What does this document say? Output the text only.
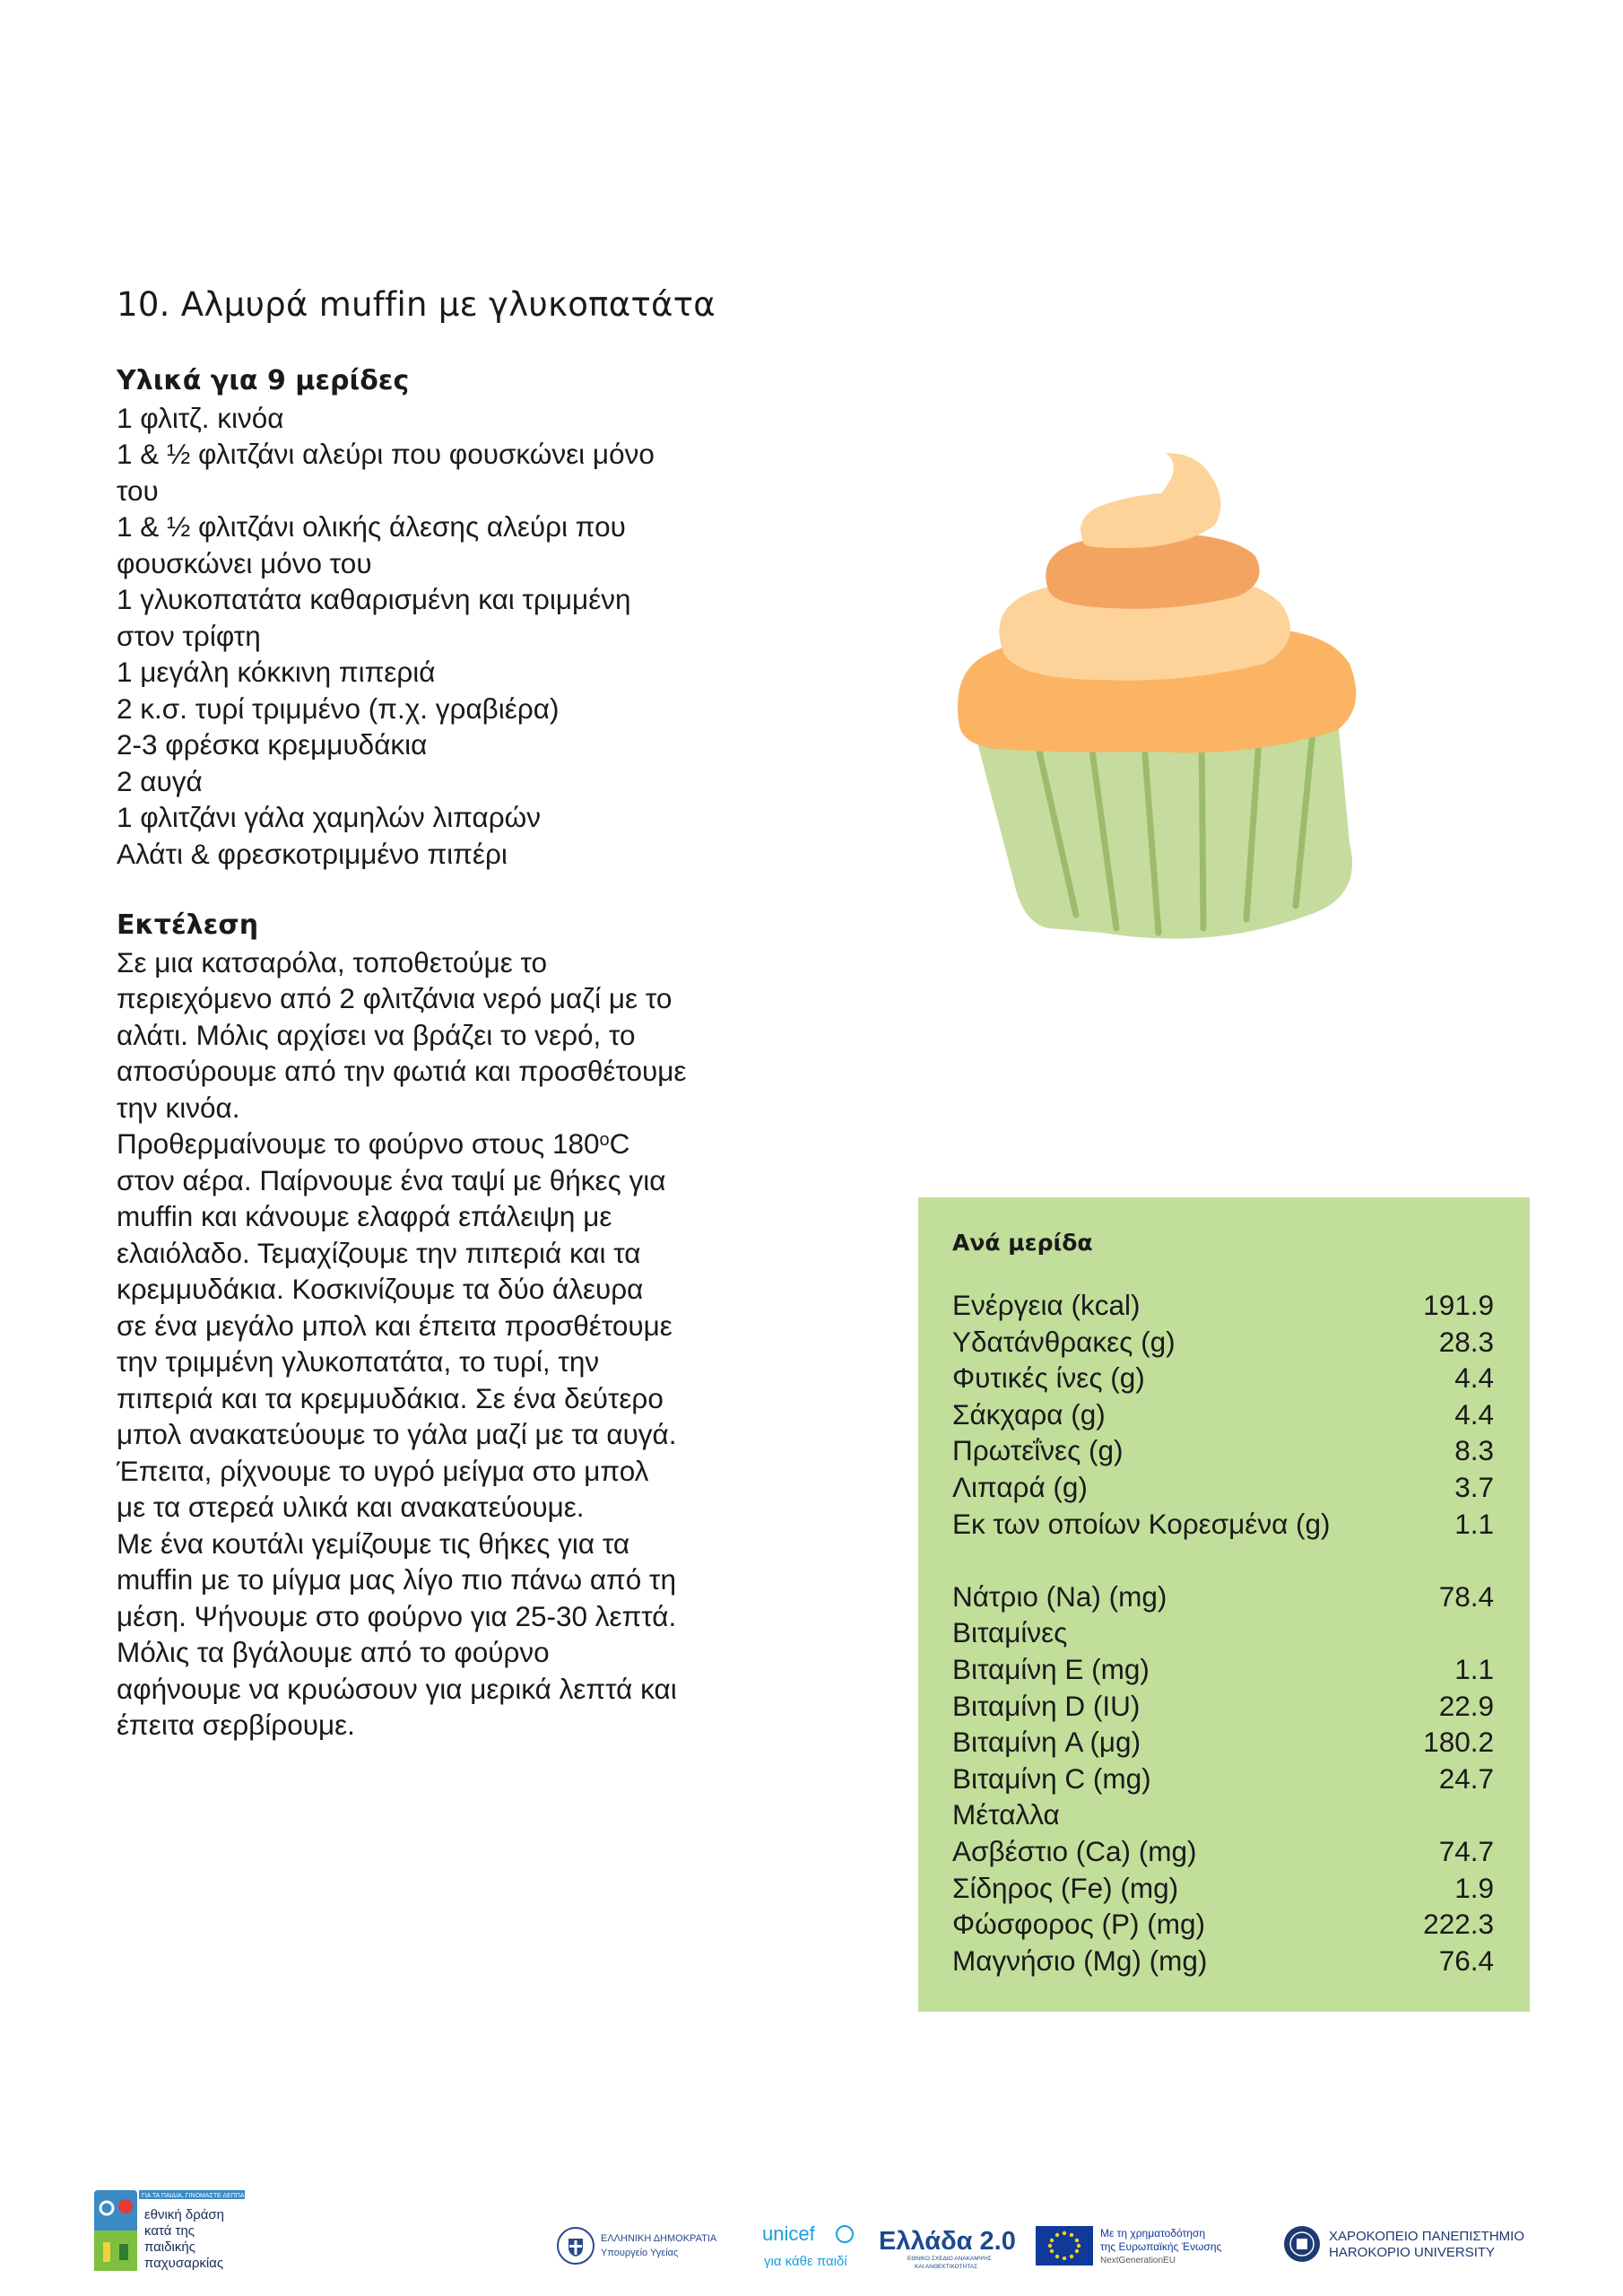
10. Αλμυρά muffin με γλυκοπατάτα
Υλικά για 9 μερίδες
1 φλιτζ. κινόα
1 & ½ φλιτζάνι αλεύρι που φουσκώνει μόνο
του
1 & ½ φλιτζάνι ολικής άλεσης αλεύρι που
φουσκώνει μόνο του
1 γλυκοπατάτα καθαρισμένη και τριμμένη
στον τρίφτη
1 μεγάλη κόκκινη πιπεριά
2 κ.σ. τυρί τριμμένο (π.χ. γραβιέρα)
2-3 φρέσκα κρεμμυδάκια
2 αυγά
1 φλιτζάνι γάλα χαμηλών λιπαρών
Αλάτι & φρεσκοτριμμένο πιπέρι
Εκτέλεση
Σε μια κατσαρόλα, τοποθετούμε το
περιεχόμενο από 2 φλιτζάνια νερό μαζί με το
αλάτι. Μόλις αρχίσει να βράζει το νερό, το
αποσύρουμε από την φωτιά και προσθέτουμε
την κινόα.
Προθερμαίνουμε το φούρνο στους $180^oC$
στον αέρα. Παίρνουμε ένα ταψί με θήκες για
muffin και κάνουμε ελαφρά επάλειψη με
ελαιόλαδο. Τεμαχίζουμε την πιπεριά και τα
κρεμμυδάκια. Κοσκινίζουμε τα δύο άλευρα
σε ένα μεγάλο μπολ και έπειτα προσθέτουμε
την τριμμένη γλυκοπατάτα, το τυρί, την
πιπεριά και τα κρεμμυδάκια. Σε ένα δεύτερο
μπολ ανακατεύουμε το γάλα μαζί με τα αυγά.
Έπειτα, ρίχνουμε το υγρό μείγμα στο μπολ
με τα στερεά υλικά και ανακατεύουμε.
Με ένα κουτάλι γεμίζουμε τις θήκες για τα
muffin με το μίγμα μας λίγο πιο πάνω από τη
μέση. Ψήνουμε στο φούρνο για 25-30 λεπτά.
Μόλις τα βγάλουμε από το φούρνο
αφήνουμε να κρυώσουν για μερικά λεπτά και
έπειτα σερβίρουμε.
Ανά μερίδα
Ενέργεια (kcal)	191.9
Υδατάνθρακες (g)	28.3
Φυτικές ίνες (g)	4.4
Σάκχαρα (g)	4.4
Πρωτεΐνες (g)	8.3
Λιπαρά (g)	3.7
Εκ των οποίων Κορεσμένα (g)	1.1
Νάτριο (Na) (mg)	78.4
Βιταμίνες
Βιταμίνη E (mg)	1.1
Βιταμίνη D (IU)	22.9
Βιταμίνη A (μg)	180.2
Βιταμίνη C (mg)	24.7
Μέταλλα
Ασβέστιο (Ca) (mg)	74.7
Σίδηρος (Fe) (mg)	1.9
Φώσφορος (P) (mg)	222.3
Μαγνήσιο (Mg) (mg)	76.4
ΓΙΑ ΤΑ ΠΑΙΔΙΑ, ΓΙΝΟΜΑΣΤΕ ΔΕΠΠΑ
εθνική δράση
κατά της
παιδικής
παχυσαρκίας
ΕΛΛΗΝΙΚΗ ΔΗΜΟΚΡΑΤΙΑ
Υπουργείο Υγείας
unicef
για κάθε παιδί
Ελλάδα 2.0
ΕΘΝΙΚΟ ΣΧΕΔΙΟ ΑΝΑΚΑΜΨΗΣ
ΚΑΙ ΑΝΘΕΚΤΙΚΟΤΗΤΑΣ
Με τη χρηματοδότηση
της Ευρωπαϊκής Ένωσης
NextGenerationEU
ΧΑΡΟΚΟΠΕΙΟ ΠΑΝΕΠΙΣΤΗΜΙΟ
HAROKOPIO UNIVERSITY
